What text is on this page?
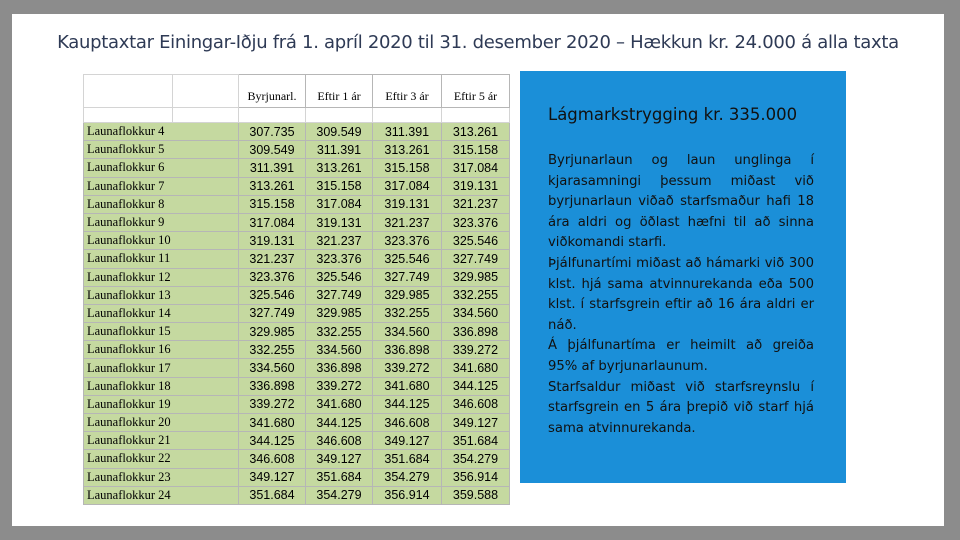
Kauptaxtar Einingar-Iðju frá 1. apríl 2020 til 31. desember 2020 – Hækkun kr. 24.000 á alla taxta
		Byrjunarl.	Eftir 1 ár	Eftir 3 ár	Eftir 5 ár

Launaflokkur 4		307.735	309.549	311.391	313.261
Launaflokkur 5		309.549	311.391	313.261	315.158
Launaflokkur 6		311.391	313.261	315.158	317.084
Launaflokkur 7		313.261	315.158	317.084	319.131
Launaflokkur 8		315.158	317.084	319.131	321.237
Launaflokkur 9		317.084	319.131	321.237	323.376
Launaflokkur 10		319.131	321.237	323.376	325.546
Launaflokkur 11		321.237	323.376	325.546	327.749
Launaflokkur 12		323.376	325.546	327.749	329.985
Launaflokkur 13		325.546	327.749	329.985	332.255
Launaflokkur 14		327.749	329.985	332.255	334.560
Launaflokkur 15		329.985	332.255	334.560	336.898
Launaflokkur 16		332.255	334.560	336.898	339.272
Launaflokkur 17		334.560	336.898	339.272	341.680
Launaflokkur 18		336.898	339.272	341.680	344.125
Launaflokkur 19		339.272	341.680	344.125	346.608
Launaflokkur 20		341.680	344.125	346.608	349.127
Launaflokkur 21		344.125	346.608	349.127	351.684
Launaflokkur 22		346.608	349.127	351.684	354.279
Launaflokkur 23		349.127	351.684	354.279	356.914
Launaflokkur 24		351.684	354.279	356.914	359.588
Lágmarkstrygging kr. 335.000

Byrjunarlaun og laun unglinga í kjarasamningi þessum miðast við byrjunarlaun viðað starfsmaður hafi 18 ára aldri og öðlast hæfni til að sinna viðkomandi starfi.

Þjálfunartími miðast að hámarki við 300 klst. hjá sama atvinnurekanda eða 500 klst. í starfsgrein eftir að 16 ára aldri er náð.

Á þjálfunartíma er heimilt að greiða 95% af byrjunarlaunum.

Starfsaldur miðast við starfsreynslu í starfsgrein en 5 ára þrepið við starf hjá sama atvinnurekanda.
